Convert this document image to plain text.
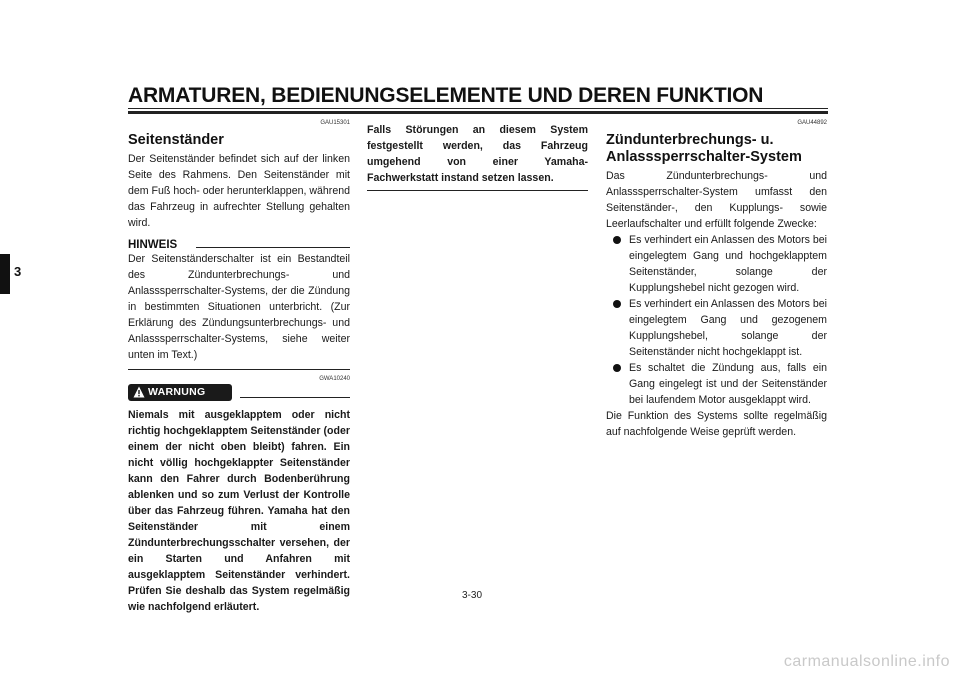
ARMATUREN, BEDIENUNGSELEMENTE UND DEREN FUNKTION
3
GAU15301
Seitenständer
Der Seitenständer befindet sich auf der linken Seite des Rahmens. Den Seitenständer mit dem Fuß hoch- oder herunterklappen, während das Fahrzeug in aufrechter Stellung gehalten wird.
HINWEIS
Der Seitenständerschalter ist ein Bestandteil des Zündunterbrechungs- und Anlasssperrschalter-Systems, der die Zündung in bestimmten Situationen unterbricht. (Zur Erklärung des Zündungsunterbrechungs- und Anlasssperrschalter-Systems, siehe weiter unten im Text.)
GWA10240
WARNUNG
Niemals mit ausgeklapptem oder nicht richtig hochgeklapptem Seitenständer (oder einem der nicht oben bleibt) fahren. Ein nicht völlig hochgeklappter Seitenständer kann den Fahrer durch Bodenberührung ablenken und so zum Verlust der Kontrolle über das Fahrzeug führen. Yamaha hat den Seitenständer mit einem Zündunterbrechungsschalter versehen, der ein Starten und Anfahren mit ausgeklapptem Seitenständer verhindert. Prüfen Sie deshalb das System regelmäßig wie nachfolgend erläutert.
Falls Störungen an diesem System festgestellt werden, das Fahrzeug umgehend von einer Yamaha-Fachwerkstatt instand setzen lassen.
GAU44892
Zündunterbrechungs- u.
Anlasssperrschalter-System
Das Zündunterbrechungs- und Anlasssperrschalter-System umfasst den Seitenständer-, den Kupplungs- sowie Leerlaufschalter und erfüllt folgende Zwecke:
Es verhindert ein Anlassen des Motors bei eingelegtem Gang und hochgeklapptem Seitenständer, solange der Kupplungshebel nicht gezogen wird.
Es verhindert ein Anlassen des Motors bei eingelegtem Gang und gezogenem Kupplungshebel, solange der Seitenständer nicht hochgeklappt ist.
Es schaltet die Zündung aus, falls ein Gang eingelegt ist und der Seitenständer bei laufendem Motor ausgeklappt wird.
Die Funktion des Systems sollte regelmäßig auf nachfolgende Weise geprüft werden.
3-30
carmanualsonline.info
